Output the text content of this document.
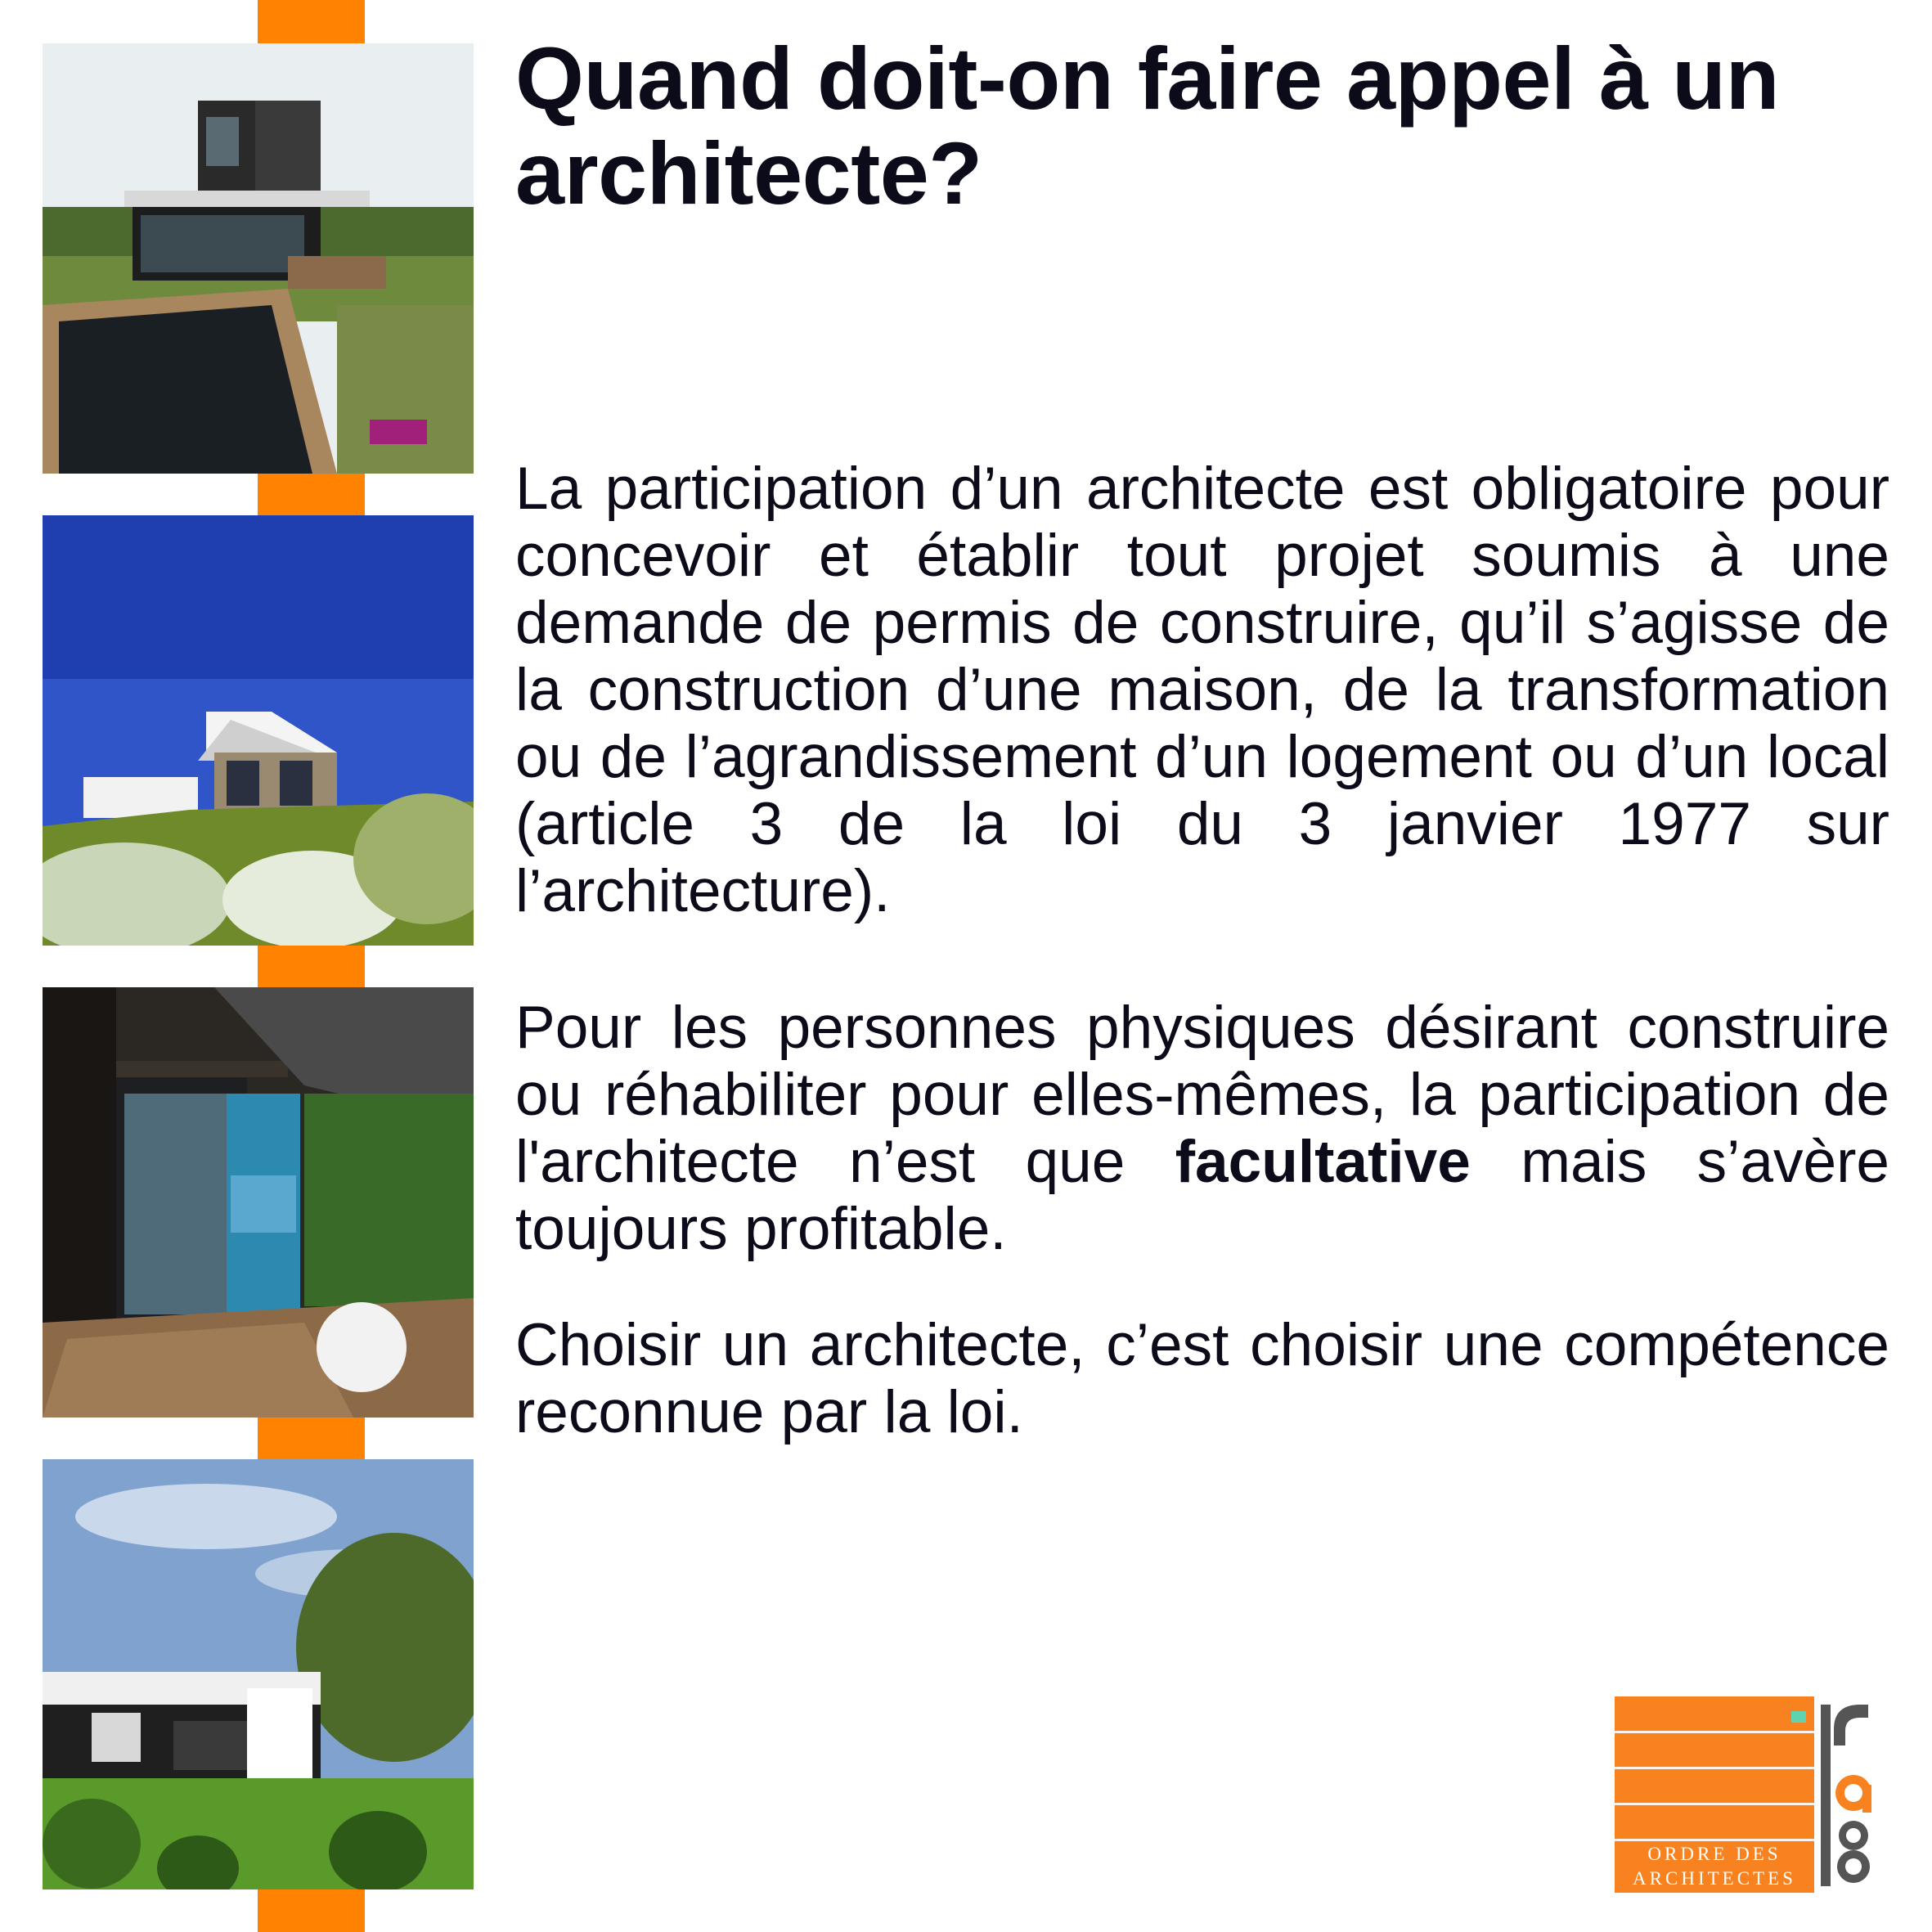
Quand doit-on faire appel à un architecte?

La participation d’un architecte est obligatoire pour concevoir et établir tout projet soumis à une demande de permis de construire, qu’il s’agisse de la construction d’une maison, de la transformation ou de l’agrandissement d’un logement ou d’un local (article 3 de la loi du 3 janvier 1977 sur l’architecture).

Pour les personnes physiques désirant construire ou réhabiliter pour elles-mêmes, la participation de l'architecte n’est que facultative mais s’avère toujours profitable.

Choisir un architecte, c’est choisir une compétence reconnue par la loi.

ORDRE DES
ARCHITECTES
